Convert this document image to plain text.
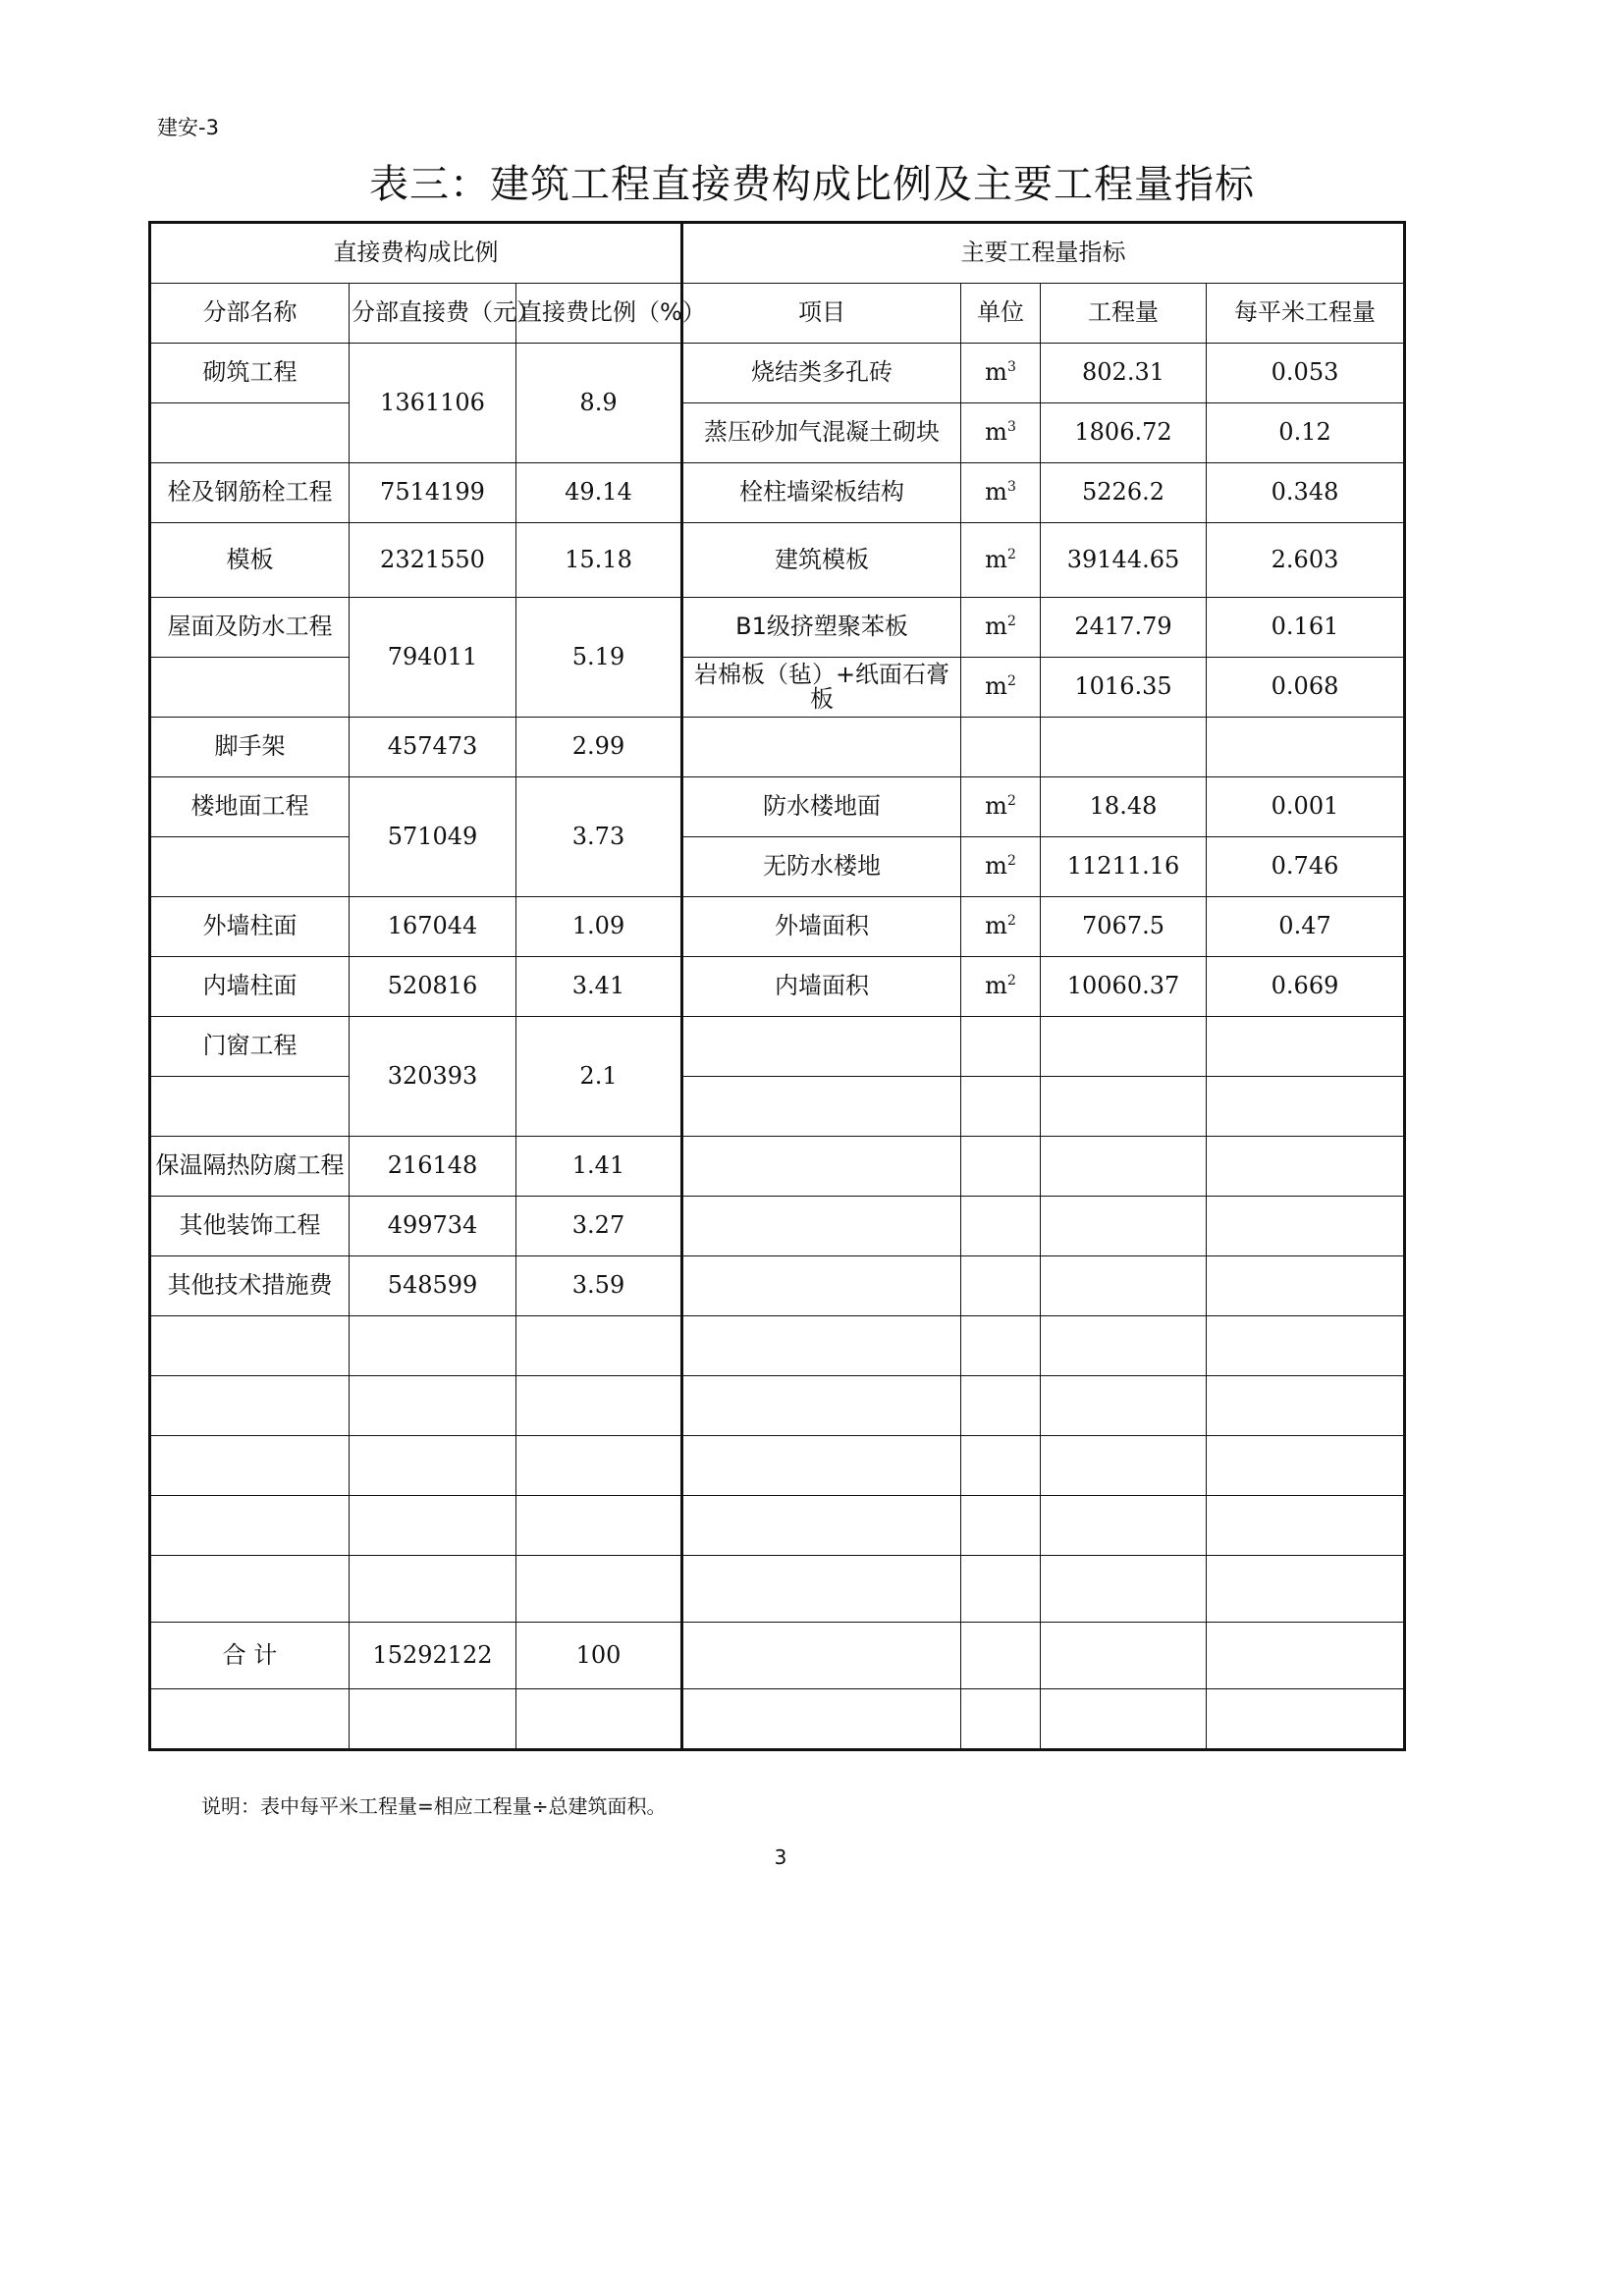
建安-3
表三：建筑工程直接费构成比例及主要工程量指标
直接费构成比例			主要工程量指标			
分部名称	分部直接费（元）	直接费比例（%）	项目	单位	工程量	每平米工程量
砌筑工程	1361106	8.9	烧结类多孔砖	$m^3$	802.31	0.053
			蒸压砂加气混凝土砌块	$m^3$	1806.72	0.12
栓及钢筋栓工程	7514199	49.14	栓柱墙梁板结构	$m^3$	5226.2	0.348
模板	2321550	15.18	建筑模板	$m^2$	39144.65	2.603
屋面及防水工程	794011	5.19	B1级挤塑聚苯板	$m^2$	2417.79	0.161
			岩棉板（毡）+纸面石膏板	$m^2$	1016.35	0.068
脚手架	457473	2.99				
楼地面工程	571049	3.73	防水楼地面	$m^2$	18.48	0.001
			无防水楼地	$m^2$	11211.16	0.746
外墙柱面	167044	1.09	外墙面积	$m^2$	7067.5	0.47
内墙柱面	520816	3.41	内墙面积	$m^2$	10060.37	0.669
门窗工程	320393	2.1				

保温隔热防腐工程	216148	1.41				
其他装饰工程	499734	3.27				
其他技术措施费	548599	3.59				

合 计	15292122	100				

说明：表中每平米工程量=相应工程量÷总建筑面积。
3
